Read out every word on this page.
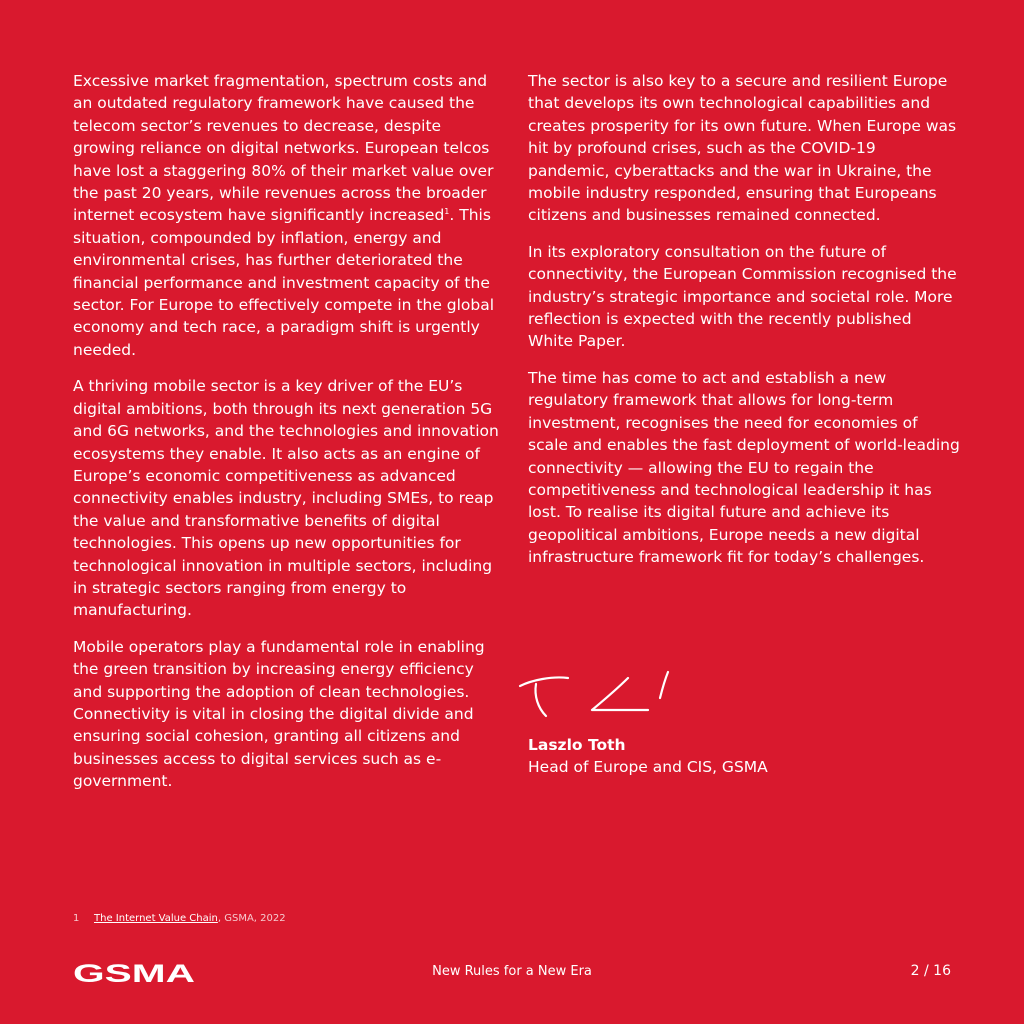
Excessive market fragmentation, spectrum costs and an outdated regulatory framework have caused the telecom sector’s revenues to decrease, despite growing reliance on digital networks. European telcos have lost a staggering 80% of their market value over the past 20 years, while revenues across the broader internet ecosystem have significantly increased$^1$. This situation, compounded by inflation, energy and environmental crises, has further deteriorated the financial performance and investment capacity of the sector. For Europe to effectively compete in the global economy and tech race, a paradigm shift is urgently needed.

A thriving mobile sector is a key driver of the EU’s digital ambitions, both through its next generation 5G and 6G networks, and the technologies and innovation ecosystems they enable. It also acts as an engine of Europe’s economic competitiveness as advanced connectivity enables industry, including SMEs, to reap the value and transformative benefits of digital technologies. This opens up new opportunities for technological innovation in multiple sectors, including in strategic sectors ranging from energy to manufacturing.

Mobile operators play a fundamental role in enabling the green transition by increasing energy efficiency and supporting the adoption of clean technologies. Connectivity is vital in closing the digital divide and ensuring social cohesion, granting all citizens and businesses access to digital services such as e-government.

The sector is also key to a secure and resilient Europe that develops its own technological capabilities and creates prosperity for its own future. When Europe was hit by profound crises, such as the COVID-19 pandemic, cyberattacks and the war in Ukraine, the mobile industry responded, ensuring that Europeans citizens and businesses remained connected.

In its exploratory consultation on the future of connectivity, the European Commission recognised the industry’s strategic importance and societal role. More reflection is expected with the recently published White Paper.

The time has come to act and establish a new regulatory framework that allows for long-term investment, recognises the need for economies of scale and enables the fast deployment of world-leading connectivity — allowing the EU to regain the competitiveness and technological leadership it has lost. To realise its digital future and achieve its geopolitical ambitions, Europe needs a new digital infrastructure framework fit for today’s challenges.

Laszlo Toth
Head of Europe and CIS, GSMA
1 The Internet Value Chain, GSMA, 2022
GSMA	New Rules for a New Era	2 / 16
